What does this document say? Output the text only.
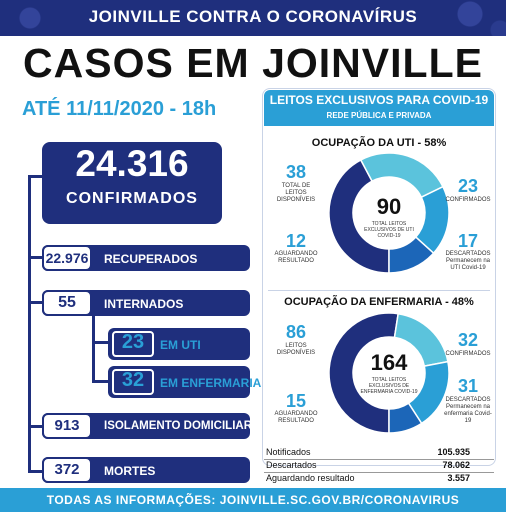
JOINVILLE CONTRA O CORONAVÍRUS
CASOS EM JOINVILLE
ATÉ 11/11/2020 - 18h
24.316
CONFIRMADOS
22.976 RECUPERADOS
55	INTERNADOS
23	EM UTI
32	EM ENFERMARIA
913	ISOLAMENTO DOMICILIAR
372	MORTES
LEITOS EXCLUSIVOS PARA COVID-19
REDE PÚBLICA E PRIVADA
OCUPAÇÃO DA UTI - 58%
90
TOTAL LEITOS EXCLUSIVOS DE UTI COVID-19
38
TOTAL DE LEITOS DISPONÍVEIS
12
AGUARDANDO RESULTADO
23
CONFIRMADOS
17
DESCARTADOS
Permanecem na UTI Covid-19
OCUPAÇÃO DA ENFERMARIA - 48%
164
TOTAL LEITOS EXCLUSIVOS DE ENFERMARIA COVID-19
86
LEITOS DISPONÍVEIS
15
AGUARDANDO RESULTADO
32
CONFIRMADOS
31
DESCARTADOS
Permanecem na enfermaria Covid-19
Notificados	105.935
Descartados	78.062
Aguardando resultado	3.557
TODAS AS INFORMAÇÕES: JOINVILLE.SC.GOV.BR/CORONAVIRUS
